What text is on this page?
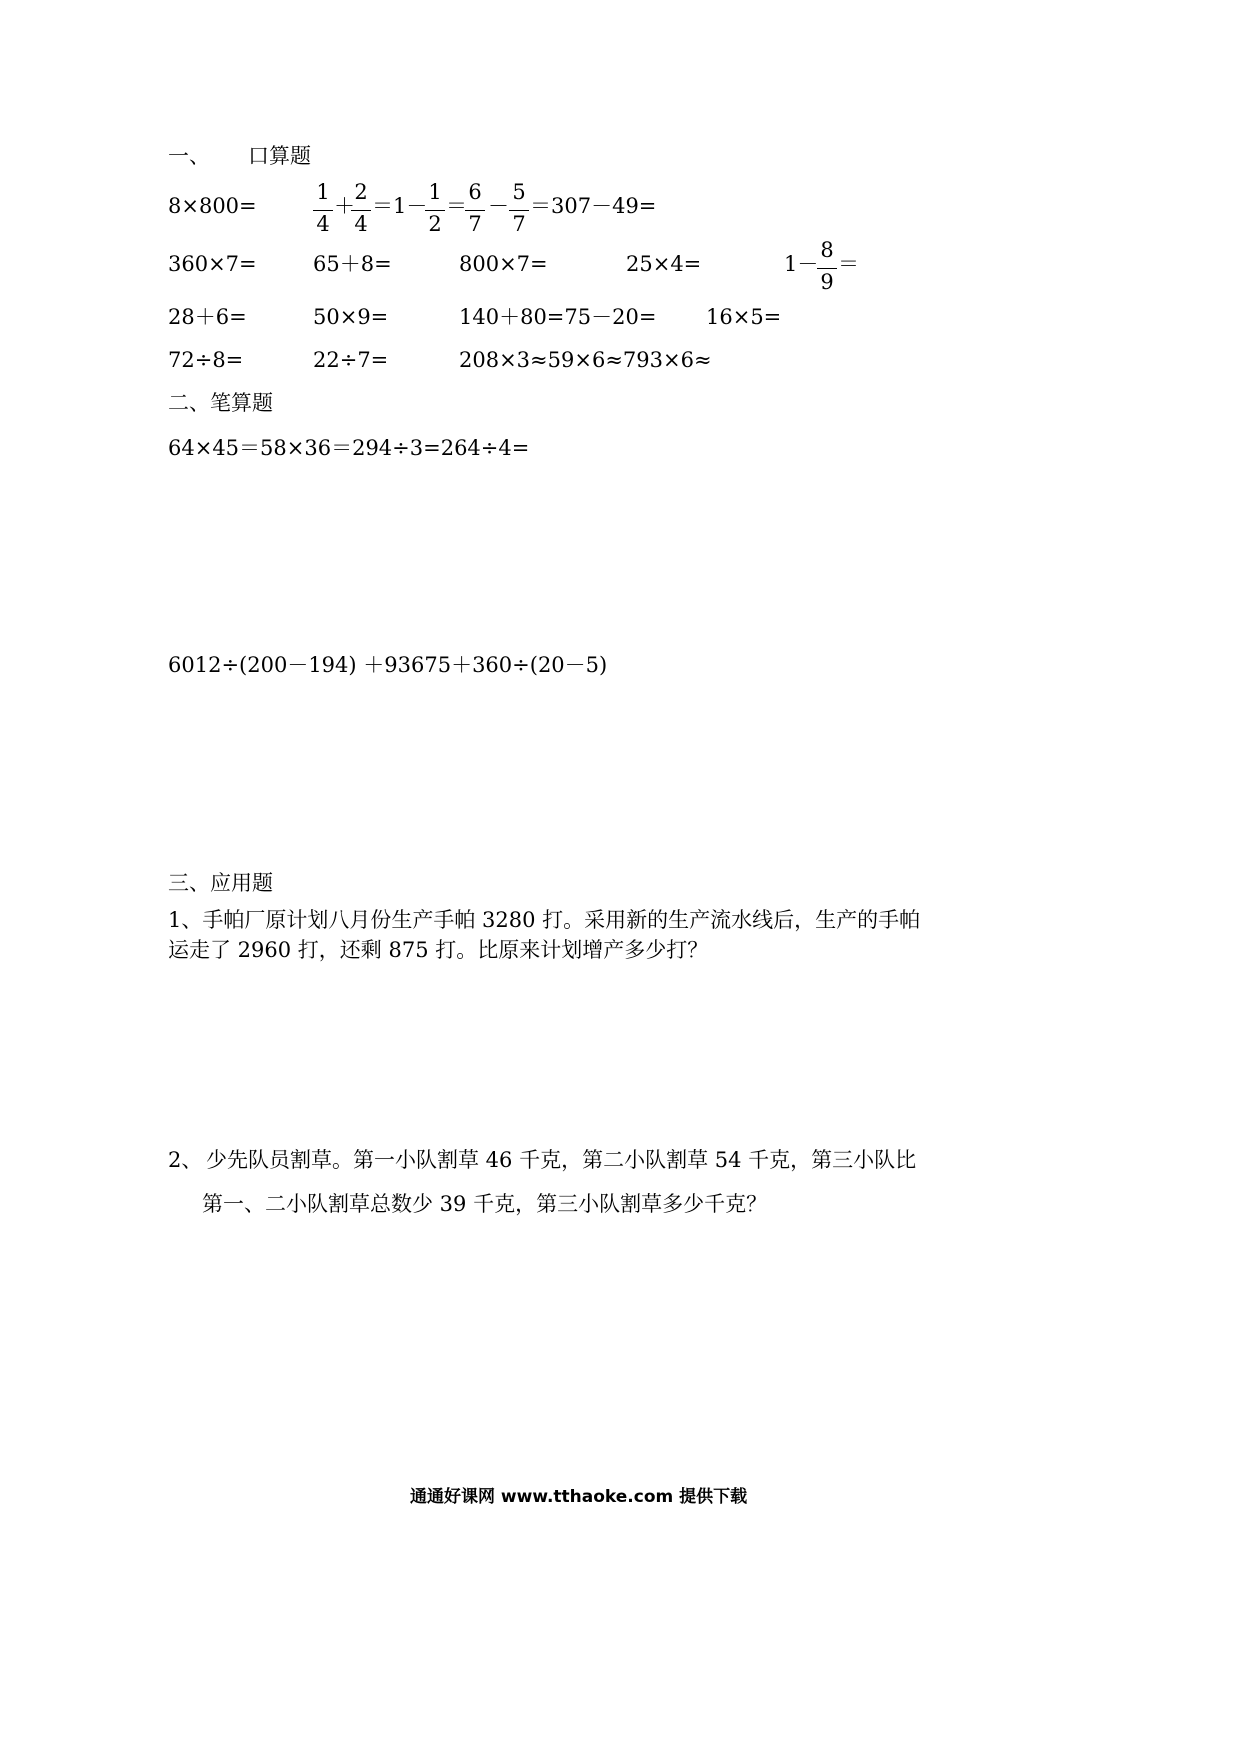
一、 口算题
8×800=
1
4
＋
2
4
＝1－
1
2
＝
6
7
－
5
7
＝307－49=
360×7=	65＋8=	800×7=	25×4=	1－
8
9
＝
28＋6=	50×9=	140＋80=75－20= 16×5=
72÷8=	22÷7=	208×3≈59×6≈793×6≈
二、笔算题
64×45＝58×36＝294÷3=264÷4=
6012÷(200－194) ＋93675＋360÷(20－5)
三、应用题
1、手帕厂原计划八月份生产手帕 3280 打。采用新的生产流水线后，生产的手帕
运走了 2960 打，还剩 875 打。比原来计划增产多少打？
2、 少先队员割草。第一小队割草 46 千克，第二小队割草 54 千克，第三小队比
第一、二小队割草总数少 39 千克，第三小队割草多少千克？
通通好课网 www.tthaoke.com 提供下载
